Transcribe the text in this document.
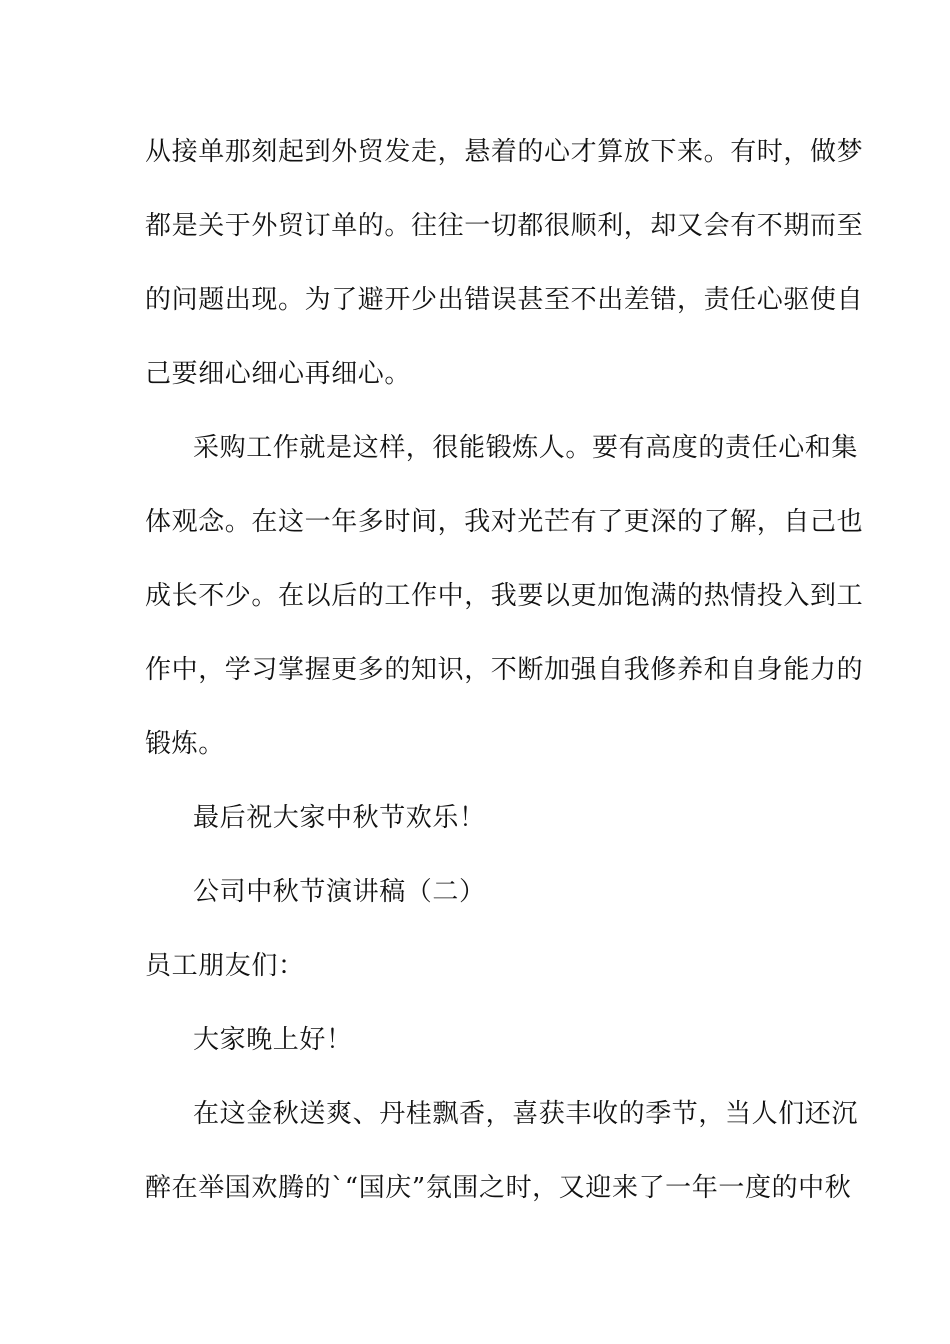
从接单那刻起到外贸发走，悬着的心才算放下来。有时，做梦
都是关于外贸订单的。往往一切都很顺利，却又会有不期而至
的问题出现。为了避开少出错误甚至不出差错，责任心驱使自
己要细心细心再细心。
采购工作就是这样，很能锻炼人。要有高度的责任心和集
体观念。在这一年多时间，我对光芒有了更深的了解，自己也
成长不少。在以后的工作中，我要以更加饱满的热情投入到工
作中，学习掌握更多的知识，不断加强自我修养和自身能力的
锻炼。
最后祝大家中秋节欢乐！
公司中秋节演讲稿（二）
员工朋友们：
大家晚上好！
在这金秋送爽、丹桂飘香，喜获丰收的季节，当人们还沉
醉在举国欢腾的`“国庆”氛围之时，又迎来了一年一度的中秋
